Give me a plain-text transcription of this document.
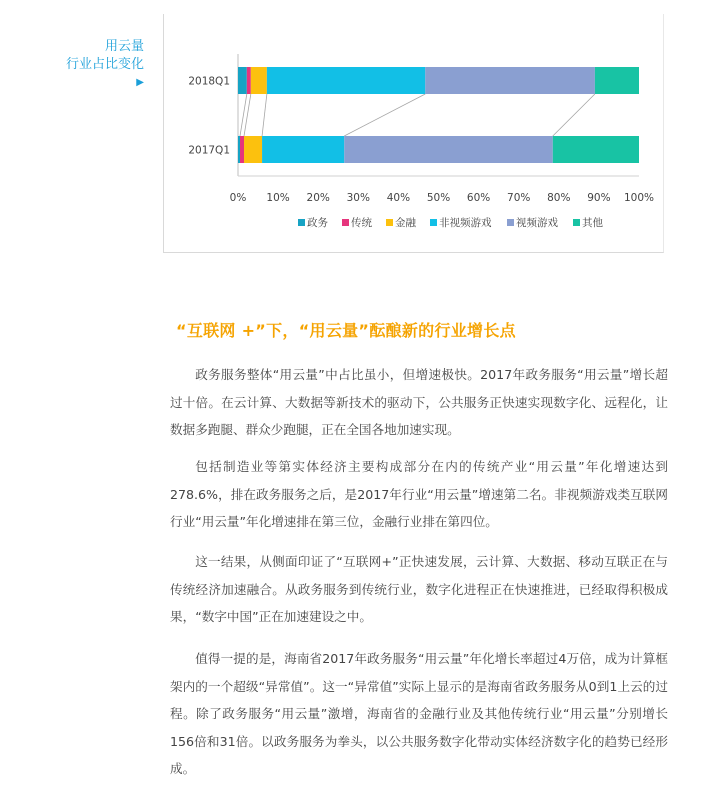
用云量
行业占比变化
▶	2018Q1
2017Q1
0% 10% 20% 30% 40% 50% 60% 70% 80% 90% 100%
政务 传统 金融 非视频游戏 视频游戏 其他
“互联网 +”下，“用云量”酝酿新的行业增长点

政务服务整体“用云量”中占比虽小，但增速极快。2017年政务服务“用云量”增长超过十倍。在云计算、大数据等新技术的驱动下，公共服务正快速实现数字化、远程化，让数据多跑腿、群众少跑腿，正在全国各地加速实现。

包括制造业等第实体经济主要构成部分在内的传统产业“用云量”年化增速达到278.6%，排在政务服务之后，是2017年行业“用云量”增速第二名。非视频游戏类互联网行业“用云量”年化增速排在第三位，金融行业排在第四位。

这一结果，从侧面印证了“互联网+”正快速发展，云计算、大数据、移动互联正在与传统经济加速融合。从政务服务到传统行业，数字化进程正在快速推进，已经取得积极成果，“数字中国”正在加速建设之中。

值得一提的是，海南省2017年政务服务“用云量”年化增长率超过4万倍，成为计算框架内的一个超级“异常值”。这一“异常值”实际上显示的是海南省政务服务从0到1上云的过程。除了政务服务“用云量”激增，海南省的金融行业及其他传统行业“用云量”分别增长156倍和31倍。以政务服务为拳头，以公共服务数字化带动实体经济数字化的趋势已经形成。
